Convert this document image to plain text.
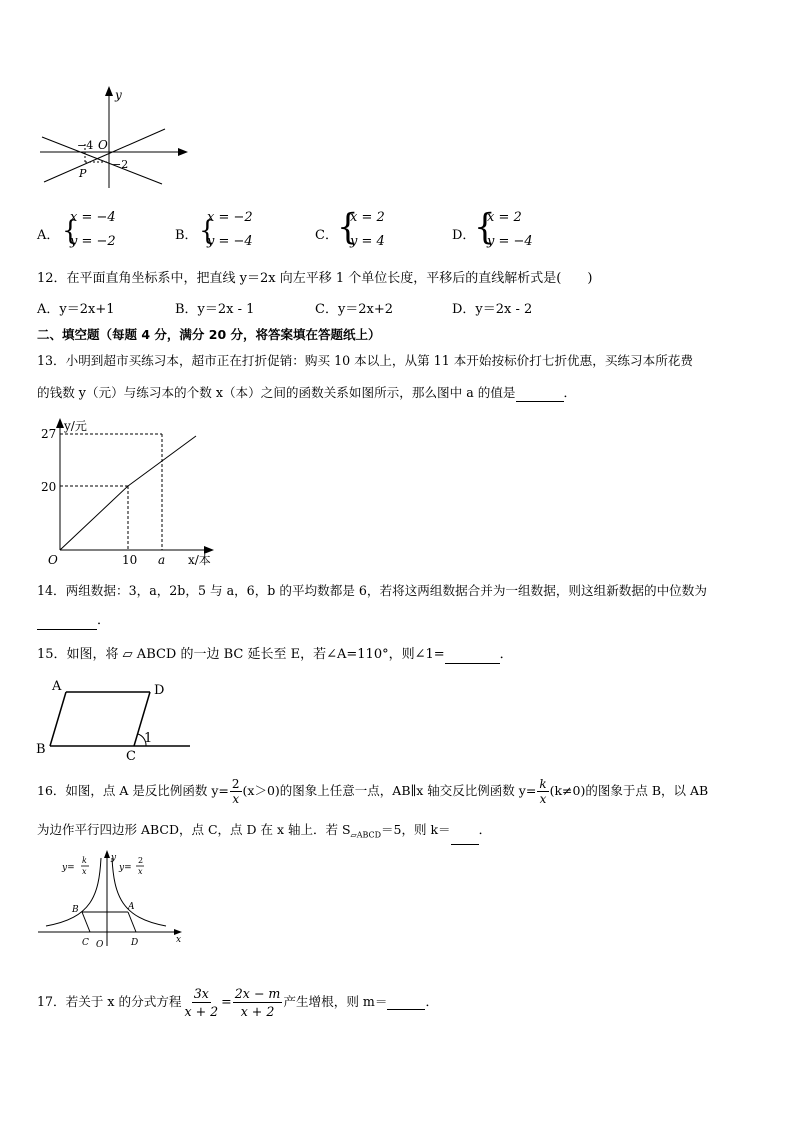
y
O
−4
−2
P
A． {
x = −4
y = −2	B． {
x = −2
y = −4	C． {
x = 2
y = 4	D．
{
x = 2
y = −4
12．在平面直角坐标系中，把直线 y＝2x 向左平移 1 个单位长度，平移后的直线解析式是(　　)
A．y＝2x+1	B．y＝2x - 1	C．y＝2x+2	D．y＝2x - 2
二、填空题（每题 4 分，满分 20 分，将答案填在答题纸上）
13．小明到超市买练习本，超市正在打折促销：购买 10 本以上，从第 11 本开始按标价打七折优惠，买练习本所花费
的钱数 y（元）与练习本的个数 x（本）之间的函数关系如图所示，那么图中 a 的值是	．
y/元
x/本
O
27
20
10 a
14．两组数据：3，a，2b，5 与 a，6，b 的平均数都是 6，若将这两组数据合并为一组数据，则这组新数据的中位数为
．
15．如图，将 ▱ ABCD 的一边 BC 延长至 E，若∠A=110°，则∠1=	．
A
B	C
D
1
16．如图，点 A 是反比例函数 $y= \frac{2}{x} (x>0)$的图象上任意一点，AB∥x 轴交反比例函数 $y= \frac{k}{x} (k\ne 0)$的图象于点 B，以 AB
为边作平行四边形 ABCD，点 C，点 D 在 x 轴上．若 $S_{▱ABCD}=5$，则 k＝ ．
y=
k
x
y
y=
2
x
B	A
C O	D	x
17．若关于 x 的分式方程 $\frac{3x}{x + 2} = \frac{2x - m}{x + 2}$ 产生增根，则 m＝	．
